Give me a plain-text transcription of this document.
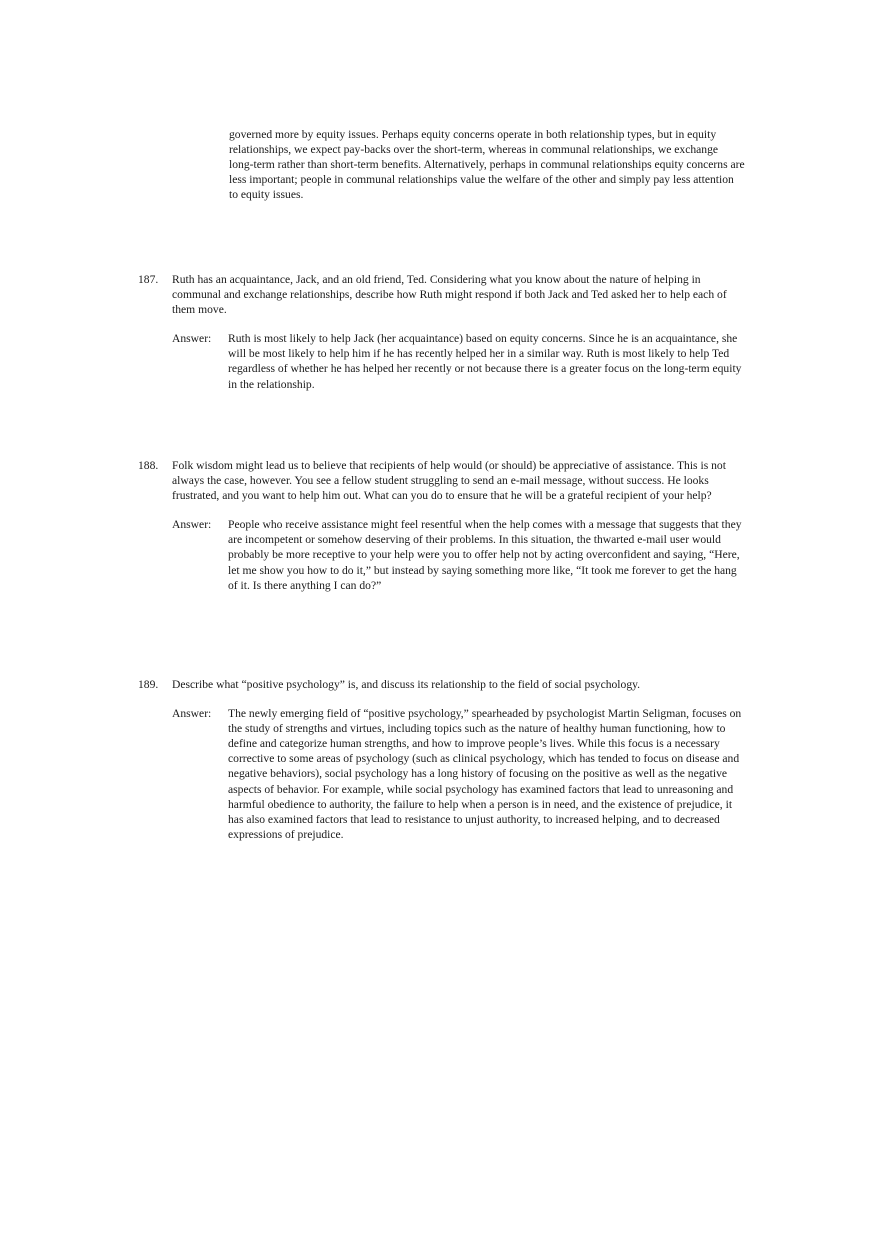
governed more by equity issues. Perhaps equity concerns operate in both relationship types, but in equity relationships, we expect pay-backs over the short-term, whereas in communal relationships, we exchange long-term rather than short-term benefits. Alternatively, perhaps in communal relationships equity concerns are less important; people in communal relationships value the welfare of the other and simply pay less attention to equity issues.

187.	Ruth has an acquaintance, Jack, and an old friend, Ted. Considering what you know about the nature of helping in communal and exchange relationships, describe how Ruth might respond if both Jack and Ted asked her to help each of them move.

Answer:	Ruth is most likely to help Jack (her acquaintance) based on equity concerns. Since he is an acquaintance, she will be most likely to help him if he has recently helped her in a similar way. Ruth is most likely to help Ted regardless of whether he has helped her recently or not because there is a greater focus on the long-term equity in the relationship.

188.	Folk wisdom might lead us to believe that recipients of help would (or should) be appreciative of assistance. This is not always the case, however. You see a fellow student struggling to send an e-mail message, without success. He looks frustrated, and you want to help him out. What can you do to ensure that he will be a grateful recipient of your help?

Answer:	People who receive assistance might feel resentful when the help comes with a message that suggests that they are incompetent or somehow deserving of their problems. In this situation, the thwarted e-mail user would probably be more receptive to your help were you to offer help not by acting overconfident and saying, “Here, let me show you how to do it,” but instead by saying something more like, “It took me forever to get the hang of it. Is there anything I can do?”

189.	Describe what “positive psychology” is, and discuss its relationship to the field of social psychology.

Answer:	The newly emerging field of “positive psychology,” spearheaded by psychologist Martin Seligman, focuses on the study of strengths and virtues, including topics such as the nature of healthy human functioning, how to define and categorize human strengths, and how to improve people’s lives. While this focus is a necessary corrective to some areas of psychology (such as clinical psychology, which has tended to focus on disease and negative behaviors), social psychology has a long history of focusing on the positive as well as the negative aspects of behavior. For example, while social psychology has examined factors that lead to unreasoning and harmful obedience to authority, the failure to help when a person is in need, and the existence of prejudice, it has also examined factors that lead to resistance to unjust authority, to increased helping, and to decreased expressions of prejudice.
